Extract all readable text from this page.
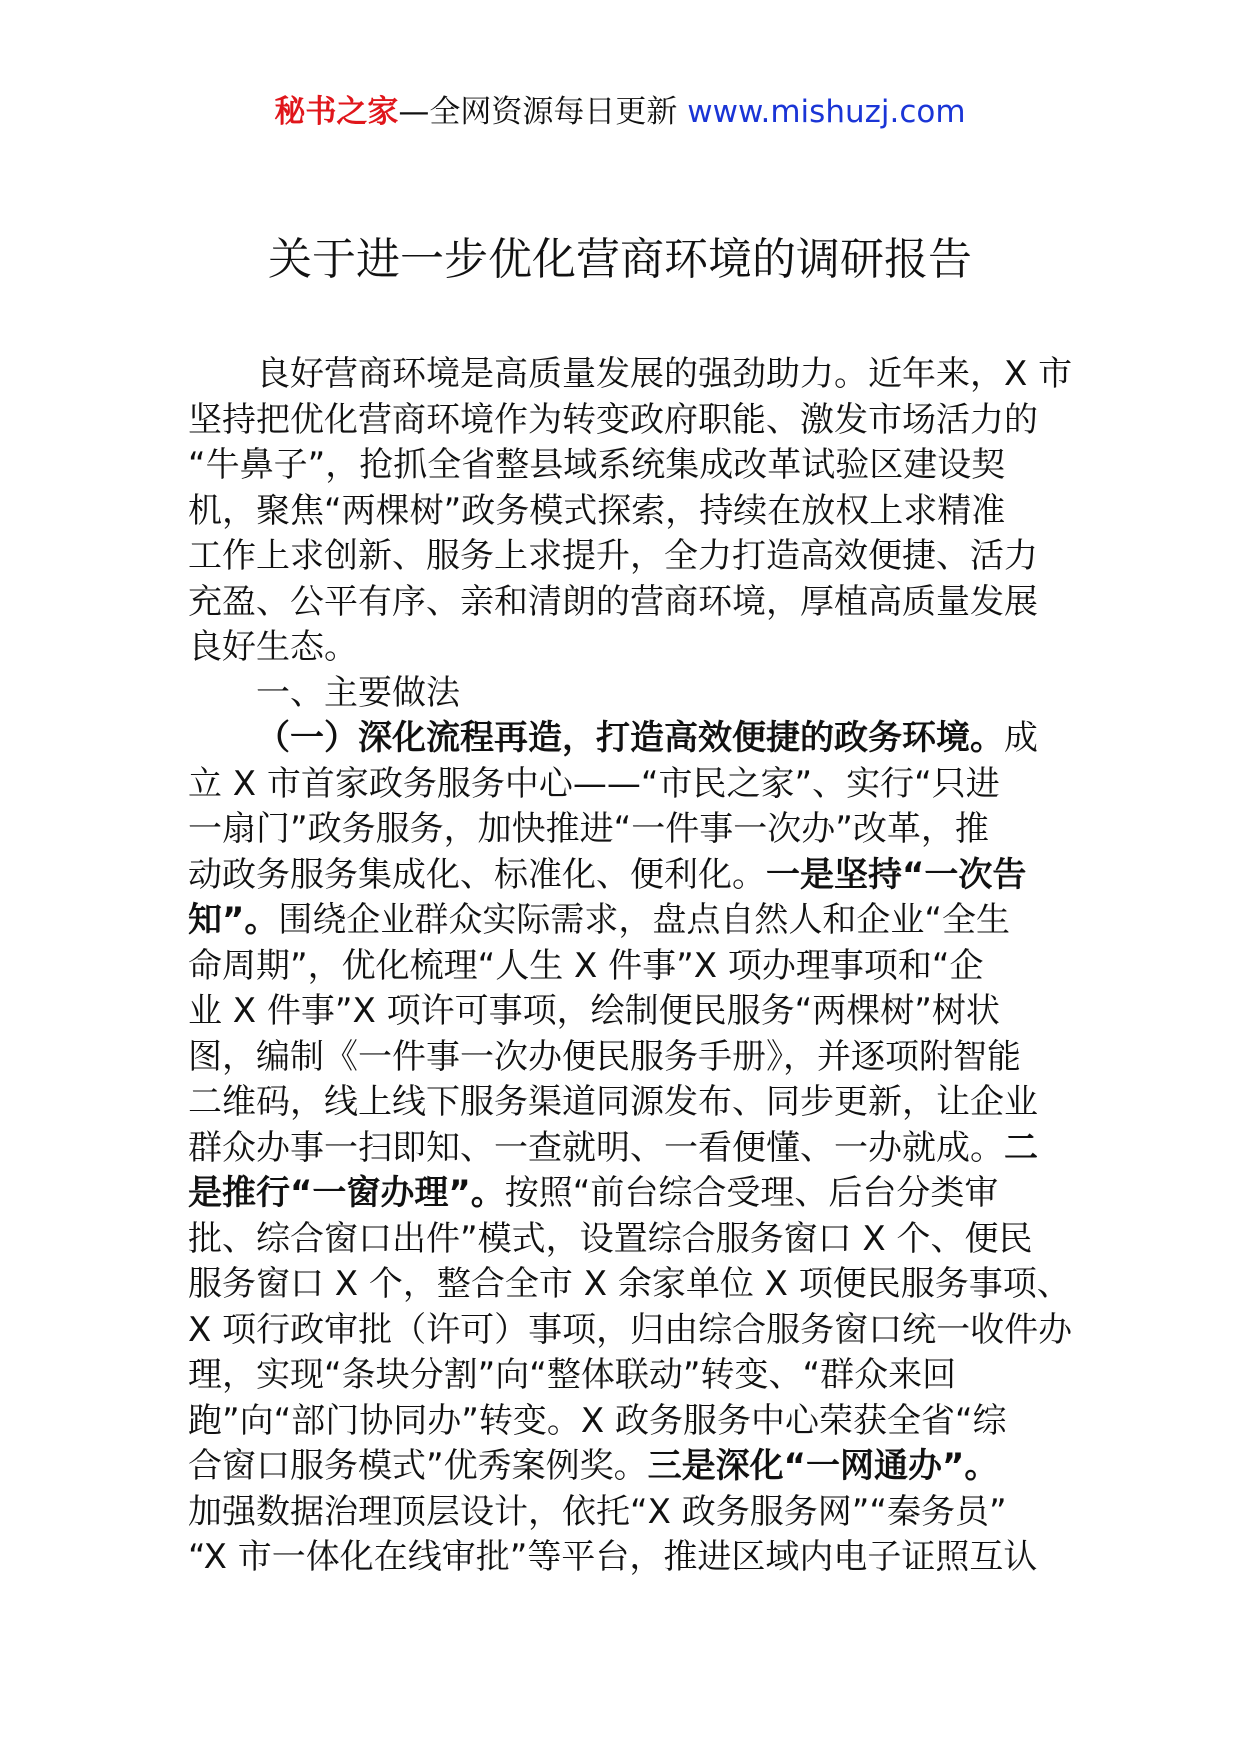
秘书之家—全网资源每日更新 www.mishuzj.com
关于进一步优化营商环境的调研报告
良好营商环境是高质量发展的强劲助力。近年来，X 市
坚持把优化营商环境作为转变政府职能、激发市场活力的
“牛鼻子”，抢抓全省整县域系统集成改革试验区建设契
机，聚焦“两棵树”政务模式探索，持续在放权上求精准
工作上求创新、服务上求提升，全力打造高效便捷、活力
充盈、公平有序、亲和清朗的营商环境，厚植高质量发展
良好生态。
一、主要做法
（一）深化流程再造，打造高效便捷的政务环境。成
立 X 市首家政务服务中心——“市民之家”、实行“只进
一扇门”政务服务，加快推进“一件事一次办”改革，推
动政务服务集成化、标准化、便利化。一是坚持“一次告
知”。围绕企业群众实际需求，盘点自然人和企业“全生
命周期”，优化梳理“人生 X 件事”X 项办理事项和“企
业 X 件事”X 项许可事项，绘制便民服务“两棵树”树状
图，编制《一件事一次办便民服务手册》，并逐项附智能
二维码，线上线下服务渠道同源发布、同步更新，让企业
群众办事一扫即知、一查就明、一看便懂、一办就成。二
是推行“一窗办理”。按照“前台综合受理、后台分类审
批、综合窗口出件”模式，设置综合服务窗口 X 个、便民
服务窗口 X 个，整合全市 X 余家单位 X 项便民服务事项、
X 项行政审批（许可）事项，归由综合服务窗口统一收件办
理，实现“条块分割”向“整体联动”转变、“群众来回
跑”向“部门协同办”转变。X 政务服务中心荣获全省“综
合窗口服务模式”优秀案例奖。三是深化“一网通办”。
加强数据治理顶层设计，依托“X 政务服务网”“秦务员”
“X 市一体化在线审批”等平台，推进区域内电子证照互认
